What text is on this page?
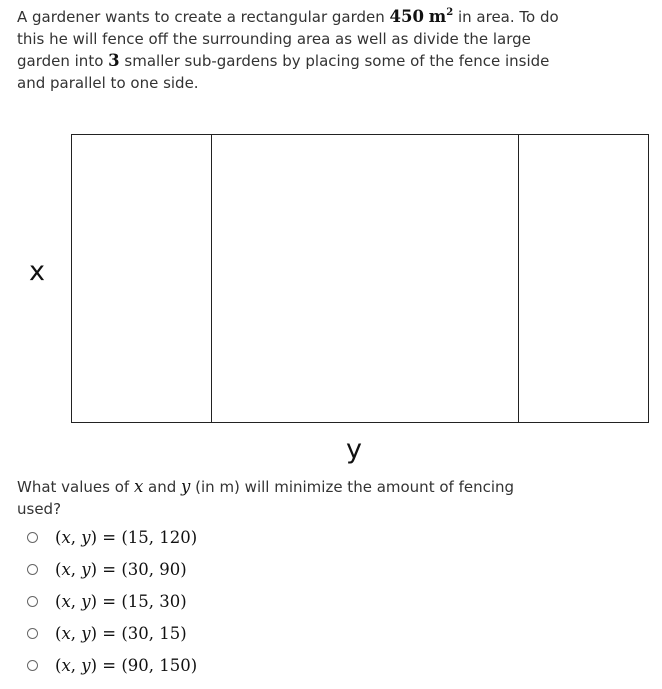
A gardener wants to create a rectangular garden 450 $m^2$ in area. To do this he will fence off the surrounding area as well as divide the large garden into 3 smaller sub-gardens by placing some of the fence inside and parallel to one side.
x
y
What values of x and y (in m) will minimize the amount of fencing used?
(x, y) = (15, 120)
(x, y) = (30, 90)
(x, y) = (15, 30)
(x, y) = (30, 15)
(x, y) = (90, 150)
